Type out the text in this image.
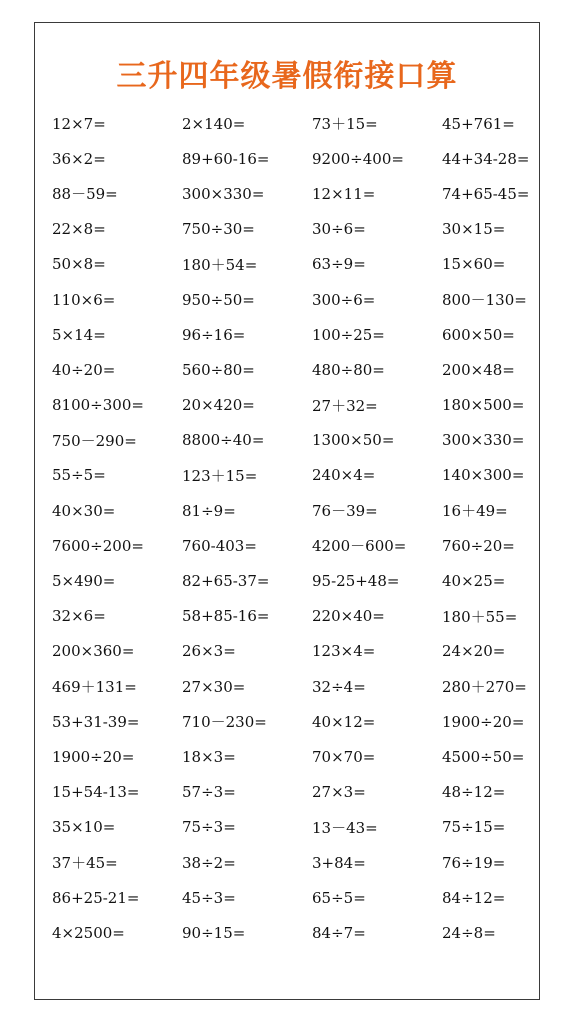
三升四年级暑假衔接口算
12×7=	2×140=	73＋15=	45+761=
36×2=	89+60-16=	9200÷400=	44+34-28=
88－59=	300×330=	12×11=	74+65-45=
22×8=	750÷30=	30÷6=	30×15=
50×8=	180＋54=	63÷9=	15×60=
110×6=	950÷50=	300÷6=	800－130=
5×14=	96÷16=	100÷25=	600×50=
40÷20=	560÷80=	480÷80=	200×48=
8100÷300=	20×420=	27＋32=	180×500=
750－290=	8800÷40=	1300×50=	300×330=
55÷5=	123＋15=	240×4=	140×300=
40×30=	81÷9=	76－39=	16＋49=
7600÷200=	760-403=	4200－600=	760÷20=
5×490=	82+65-37=	95-25+48=	40×25=
32×6=	58+85-16=	220×40=	180＋55=
200×360=	26×3=	123×4=	24×20=
469＋131=	27×30=	32÷4=	280＋270=
53+31-39=	710－230=	40×12=	1900÷20=
1900÷20=	18×3=	70×70=	4500÷50=
15+54-13=	57÷3=	27×3=	48÷12=
35×10=	75÷3=	13－43=	75÷15=
37＋45=	38÷2=	3+84=	76÷19=
86+25-21=	45÷3=	65÷5=	84÷12=
4×2500=	90÷15=	84÷7=	24÷8=
